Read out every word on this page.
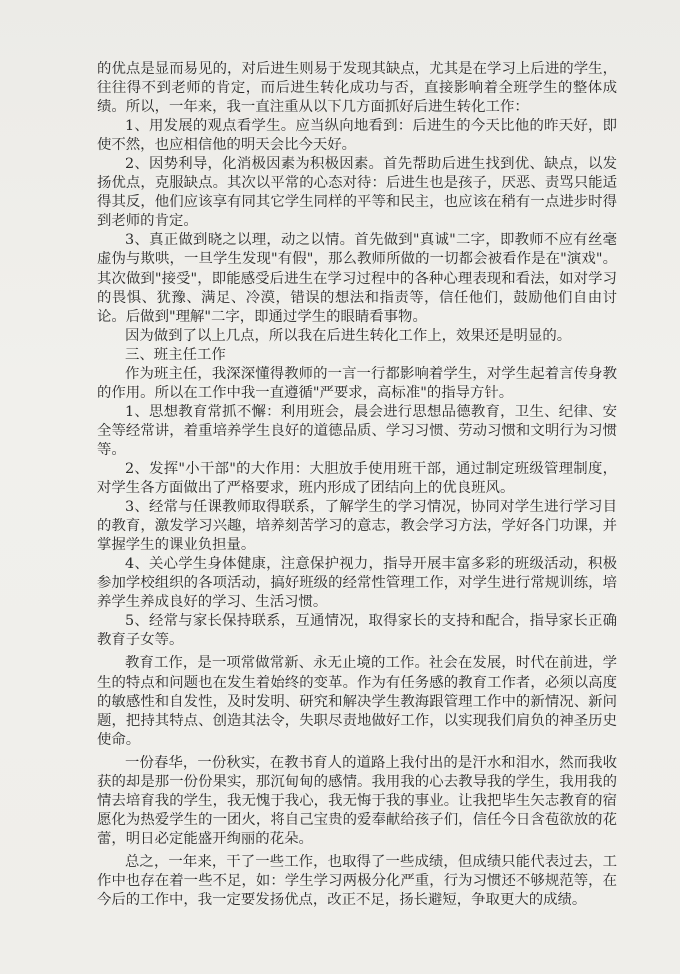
的优点是显而易见的，对后进生则易于发现其缺点，尤其是在学习上后进的学生，往往得不到老师的肯定，而后进生转化成功与否，直接影响着全班学生的整体成绩。所以，一年来，我一直注重从以下几方面抓好后进生转化工作：

1、用发展的观点看学生。应当纵向地看到：后进生的今天比他的昨天好，即使不然，也应相信他的明天会比今天好。

2、因势利导，化消极因素为积极因素。首先帮助后进生找到优、缺点，以发扬优点，克服缺点。其次以平常的心态对待：后进生也是孩子，厌恶、责骂只能适得其反，他们应该享有同其它学生同样的平等和民主，也应该在稍有一点进步时得到老师的肯定。

3、真正做到晓之以理，动之以情。首先做到"真诚"二字，即教师不应有丝毫虚伪与欺哄，一旦学生发现"有假"，那么教师所做的一切都会被看作是在"演戏"。其次做到"接受"，即能感受后进生在学习过程中的各种心理表现和看法，如对学习的畏惧、犹豫、满足、冷漠，错误的想法和指责等，信任他们，鼓励他们自由讨论。后做到"理解"二字，即通过学生的眼睛看事物。

因为做到了以上几点，所以我在后进生转化工作上，效果还是明显的。

三、班主任工作

作为班主任，我深深懂得教师的一言一行都影响着学生，对学生起着言传身教的作用。所以在工作中我一直遵循"严要求，高标准"的指导方针。

1、思想教育常抓不懈：利用班会，晨会进行思想品德教育，卫生、纪律、安全等经常讲，着重培养学生良好的道德品质、学习习惯、劳动习惯和文明行为习惯等。

2、发挥"小干部"的大作用：大胆放手使用班干部，通过制定班级管理制度，对学生各方面做出了严格要求，班内形成了团结向上的优良班风。

3、经常与任课教师取得联系，了解学生的学习情况，协同对学生进行学习目的教育，激发学习兴趣，培养刻苦学习的意志，教会学习方法，学好各门功课，并掌握学生的课业负担量。

4、关心学生身体健康，注意保护视力，指导开展丰富多彩的班级活动，积极参加学校组织的各项活动，搞好班级的经常性管理工作，对学生进行常规训练，培养学生养成良好的学习、生活习惯。

5、经常与家长保持联系，互通情况，取得家长的支持和配合，指导家长正确教育子女等。

教育工作，是一项常做常新、永无止境的工作。社会在发展，时代在前进，学生的特点和问题也在发生着始终的变革。作为有任务感的教育工作者，必须以高度的敏感性和自发性，及时发明、研究和解决学生教海跟管理工作中的新情况、新问题，把持其特点、创造其法令，失职尽责地做好工作，以实现我们肩负的神圣历史使命。

一份春华，一份秋实，在教书育人的道路上我付出的是汗水和泪水，然而我收获的却是那一份份果实，那沉甸甸的感情。我用我的心去教导我的学生，我用我的情去培育我的学生，我无愧于我心，我无悔于我的事业。让我把毕生矢志教育的宿愿化为热爱学生的一团火，将自己宝贵的爱奉献给孩子们，信任今日含苞欲放的花蕾，明日必定能盛开绚丽的花朵。

总之，一年来，干了一些工作，也取得了一些成绩，但成绩只能代表过去，工作中也存在着一些不足，如：学生学习两极分化严重，行为习惯还不够规范等，在今后的工作中，我一定要发扬优点，改正不足，扬长避短，争取更大的成绩。
